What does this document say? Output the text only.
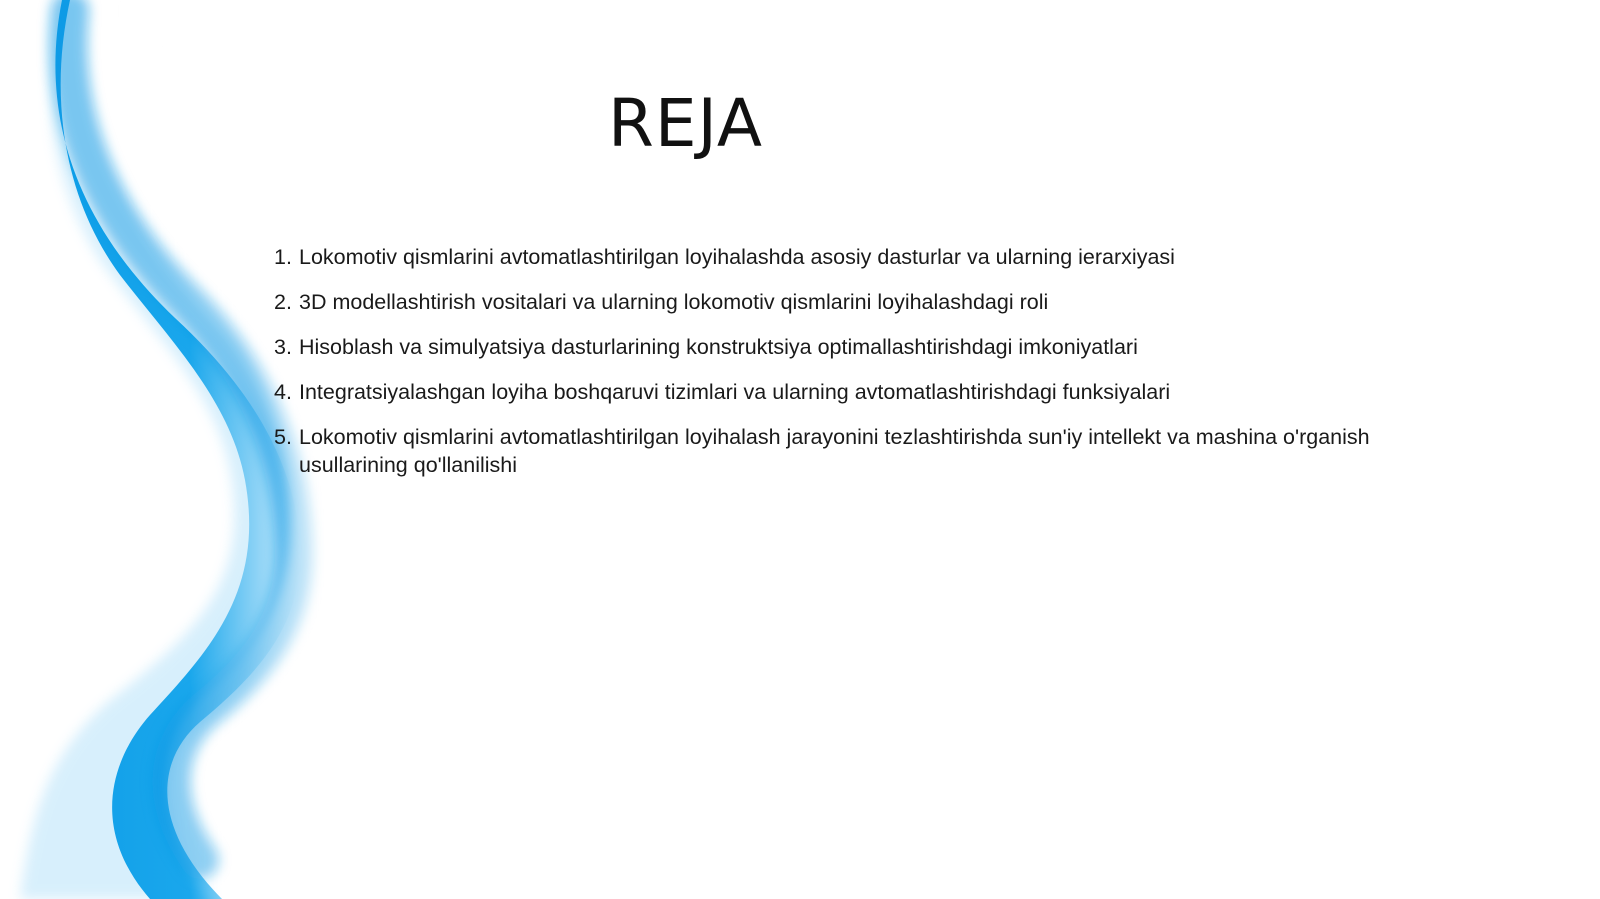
REJA
1. Lokomotiv qismlarini avtomatlashtirilgan loyihalashda asosiy dasturlar va ularning ierarxiyasi
2. 3D modellashtirish vositalari va ularning lokomotiv qismlarini loyihalashdagi roli
3. Hisoblash va simulyatsiya dasturlarining konstruktsiya optimallashtirishdagi imkoniyatlari
4. Integratsiyalashgan loyiha boshqaruvi tizimlari va ularning avtomatlashtirishdagi funksiyalari
5. Lokomotiv qismlarini avtomatlashtirilgan loyihalash jarayonini tezlashtirishda sun'iy intellekt va mashina o'rganish usullarining qo'llanilishi
